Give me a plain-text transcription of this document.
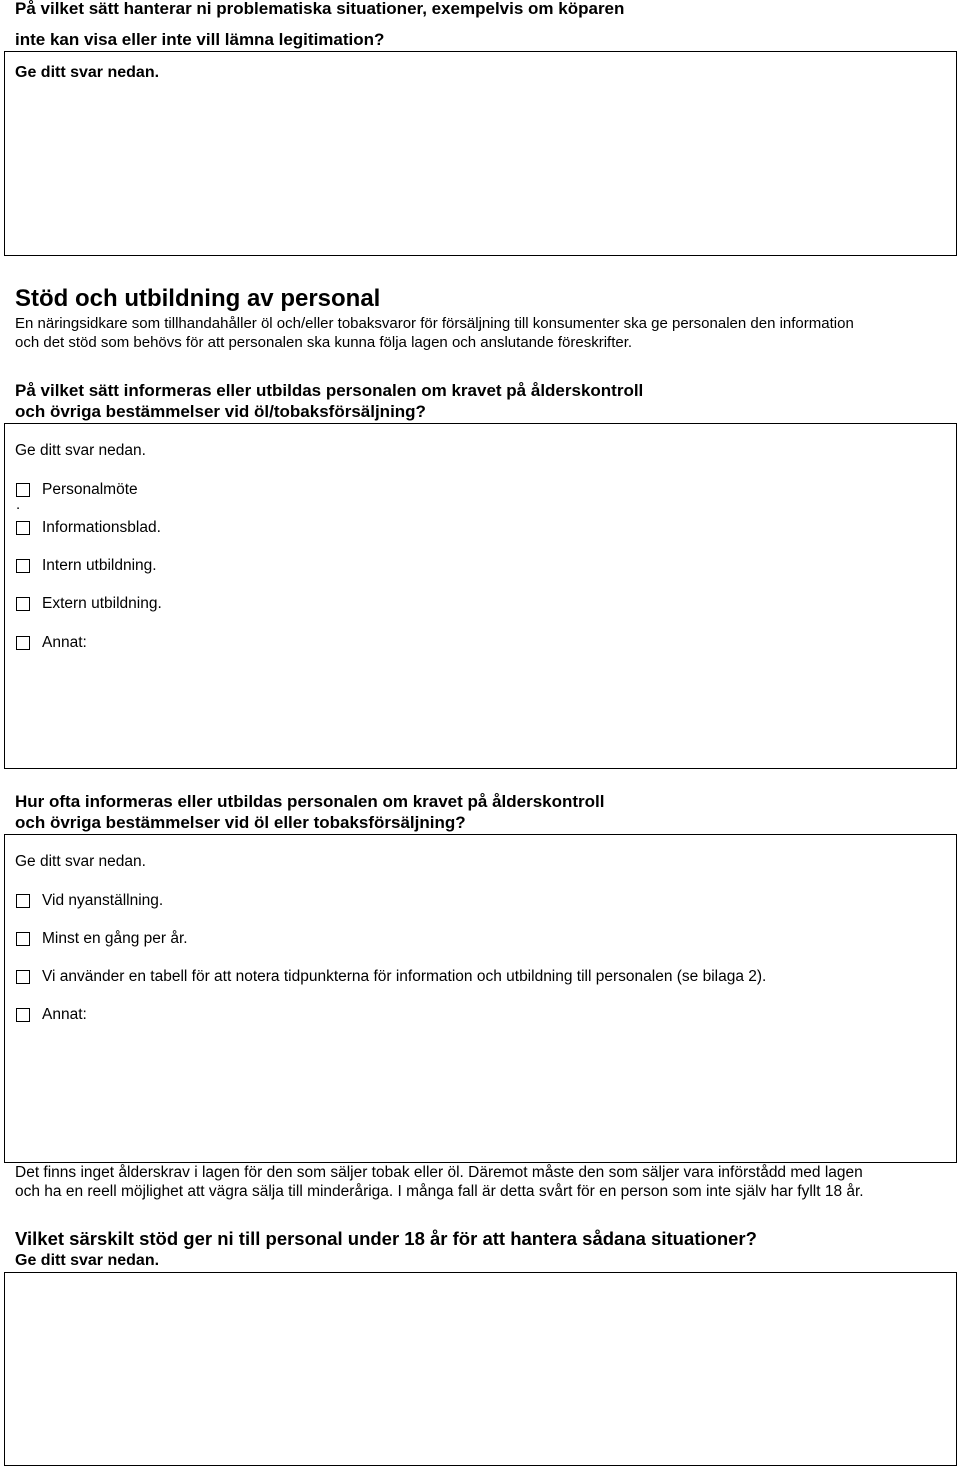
På vilket sätt hanterar ni problematiska situationer, exempelvis om köparen
inte kan visa eller inte vill lämna legitimation?
Ge ditt svar nedan.
Stöd och utbildning av personal
En näringsidkare som tillhandahåller öl och/eller tobaksvaror för försäljning till konsumenter ska ge personalen den information
och det stöd som behövs för att personalen ska kunna följa lagen och anslutande föreskrifter.
På vilket sätt informeras eller utbildas personalen om kravet på ålderskontroll
och övriga bestämmelser vid öl/tobaksförsäljning?
Ge ditt svar nedan.
Personalmöte
.
Informationsblad.
Intern utbildning.
Extern utbildning.
Annat:
Hur ofta informeras eller utbildas personalen om kravet på ålderskontroll
och övriga bestämmelser vid öl eller tobaksförsäljning?
Ge ditt svar nedan.
Vid nyanställning.
Minst en gång per år.
Vi använder en tabell för att notera tidpunkterna för information och utbildning till personalen (se bilaga 2).
Annat:
Det finns inget ålderskrav i lagen för den som säljer tobak eller öl. Däremot måste den som säljer vara införstådd med lagen
och ha en reell möjlighet att vägra sälja till minderåriga. I många fall är detta svårt för en person som inte själv har fyllt 18 år.
Vilket särskilt stöd ger ni till personal under 18 år för att hantera sådana situationer?
Ge ditt svar nedan.
